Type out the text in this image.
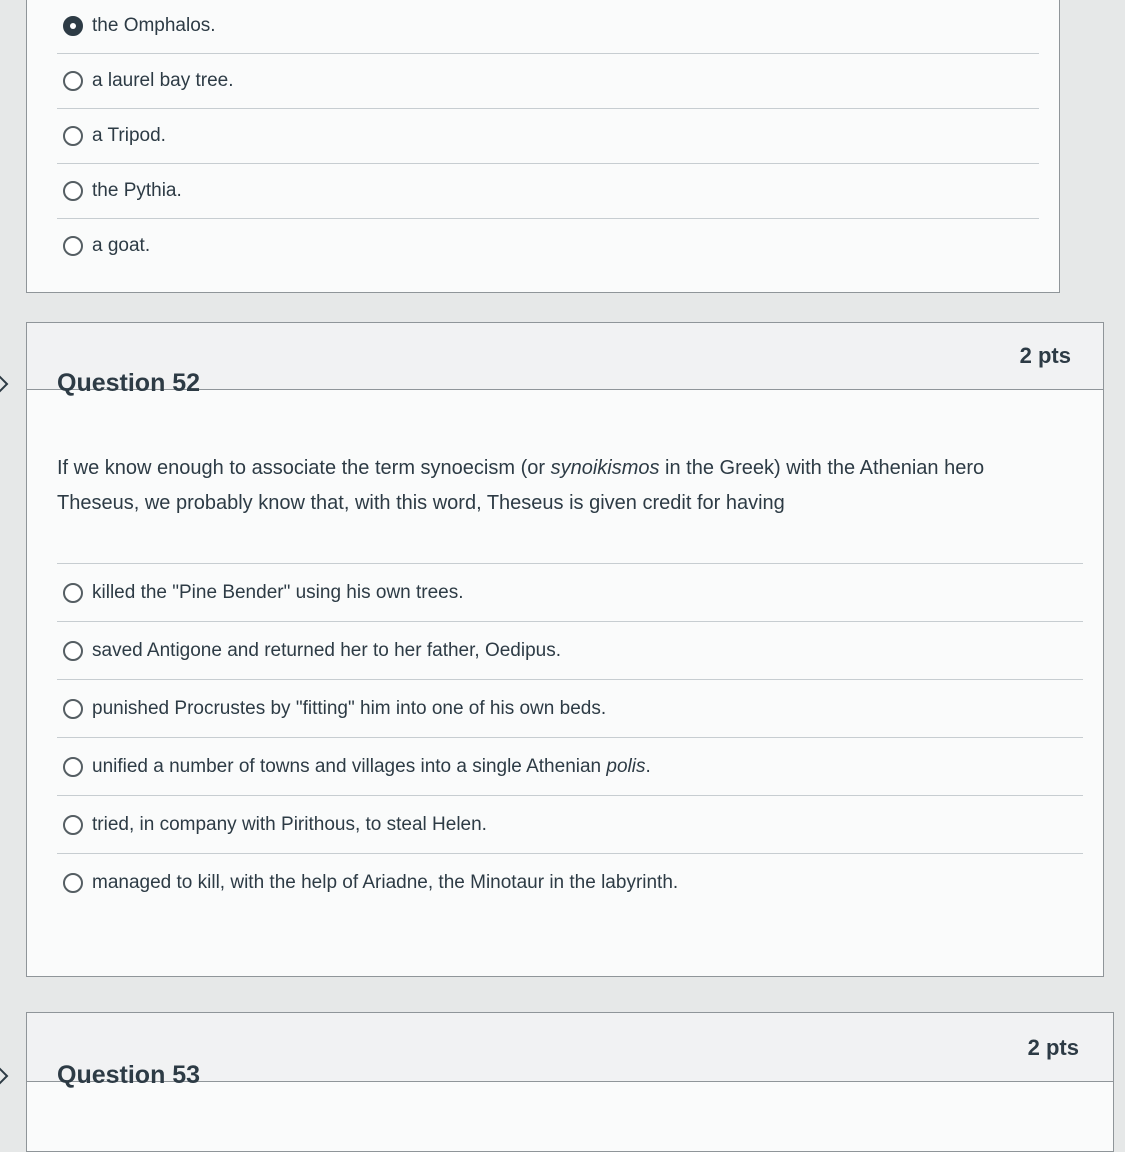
the Omphalos.
a laurel bay tree.
a Tripod.
the Pythia.
a goat.
Question 52
2 pts
If we know enough to associate the term synoecism (or synoikismos in the Greek) with the Athenian hero Theseus, we probably know that, with this word, Theseus is given credit for having
killed the "Pine Bender" using his own trees.
saved Antigone and returned her to her father, Oedipus.
punished Procrustes by "fitting" him into one of his own beds.
unified a number of towns and villages into a single Athenian polis.
tried, in company with Pirithous, to steal Helen.
managed to kill, with the help of Ariadne, the Minotaur in the labyrinth.
Question 53
2 pts
